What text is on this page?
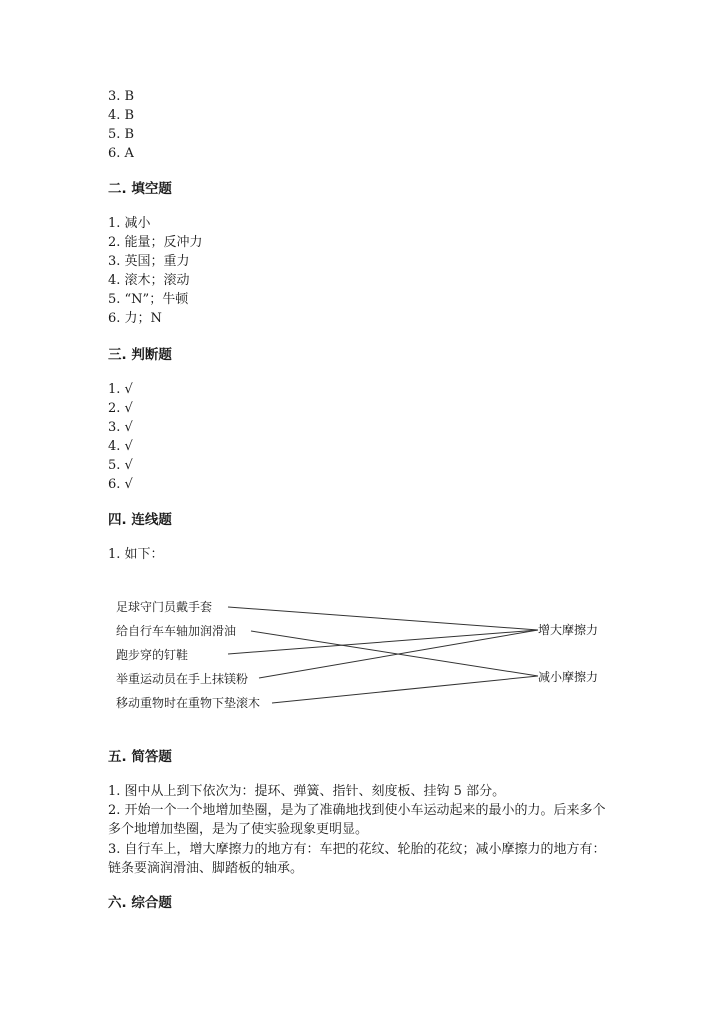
3. B
4. B
5. B
6. A
二. 填空题
1. 减小
2. 能量；反冲力
3. 英国；重力
4. 滚木；滚动
5. “N”；牛顿
6. 力；N
三. 判断题
1. √
2. √
3. √
4. √
5. √
6. √
四. 连线题
1. 如下：
足球守门员戴手套
给自行车车轴加润滑油
跑步穿的钉鞋
举重运动员在手上抹镁粉
移动重物时在重物下垫滚木
增大摩擦力
减小摩擦力
五. 简答题
1. 图中从上到下依次为：提环、弹簧、指针、刻度板、挂钩 5 部分。
2. 开始一个一个地增加垫圈，是为了准确地找到使小车运动起来的最小的力。后来多个多个地增加垫圈，是为了使实验现象更明显。
3. 自行车上，增大摩擦力的地方有：车把的花纹、轮胎的花纹；减小摩擦力的地方有：链条要滴润滑油、脚踏板的轴承。
六. 综合题
